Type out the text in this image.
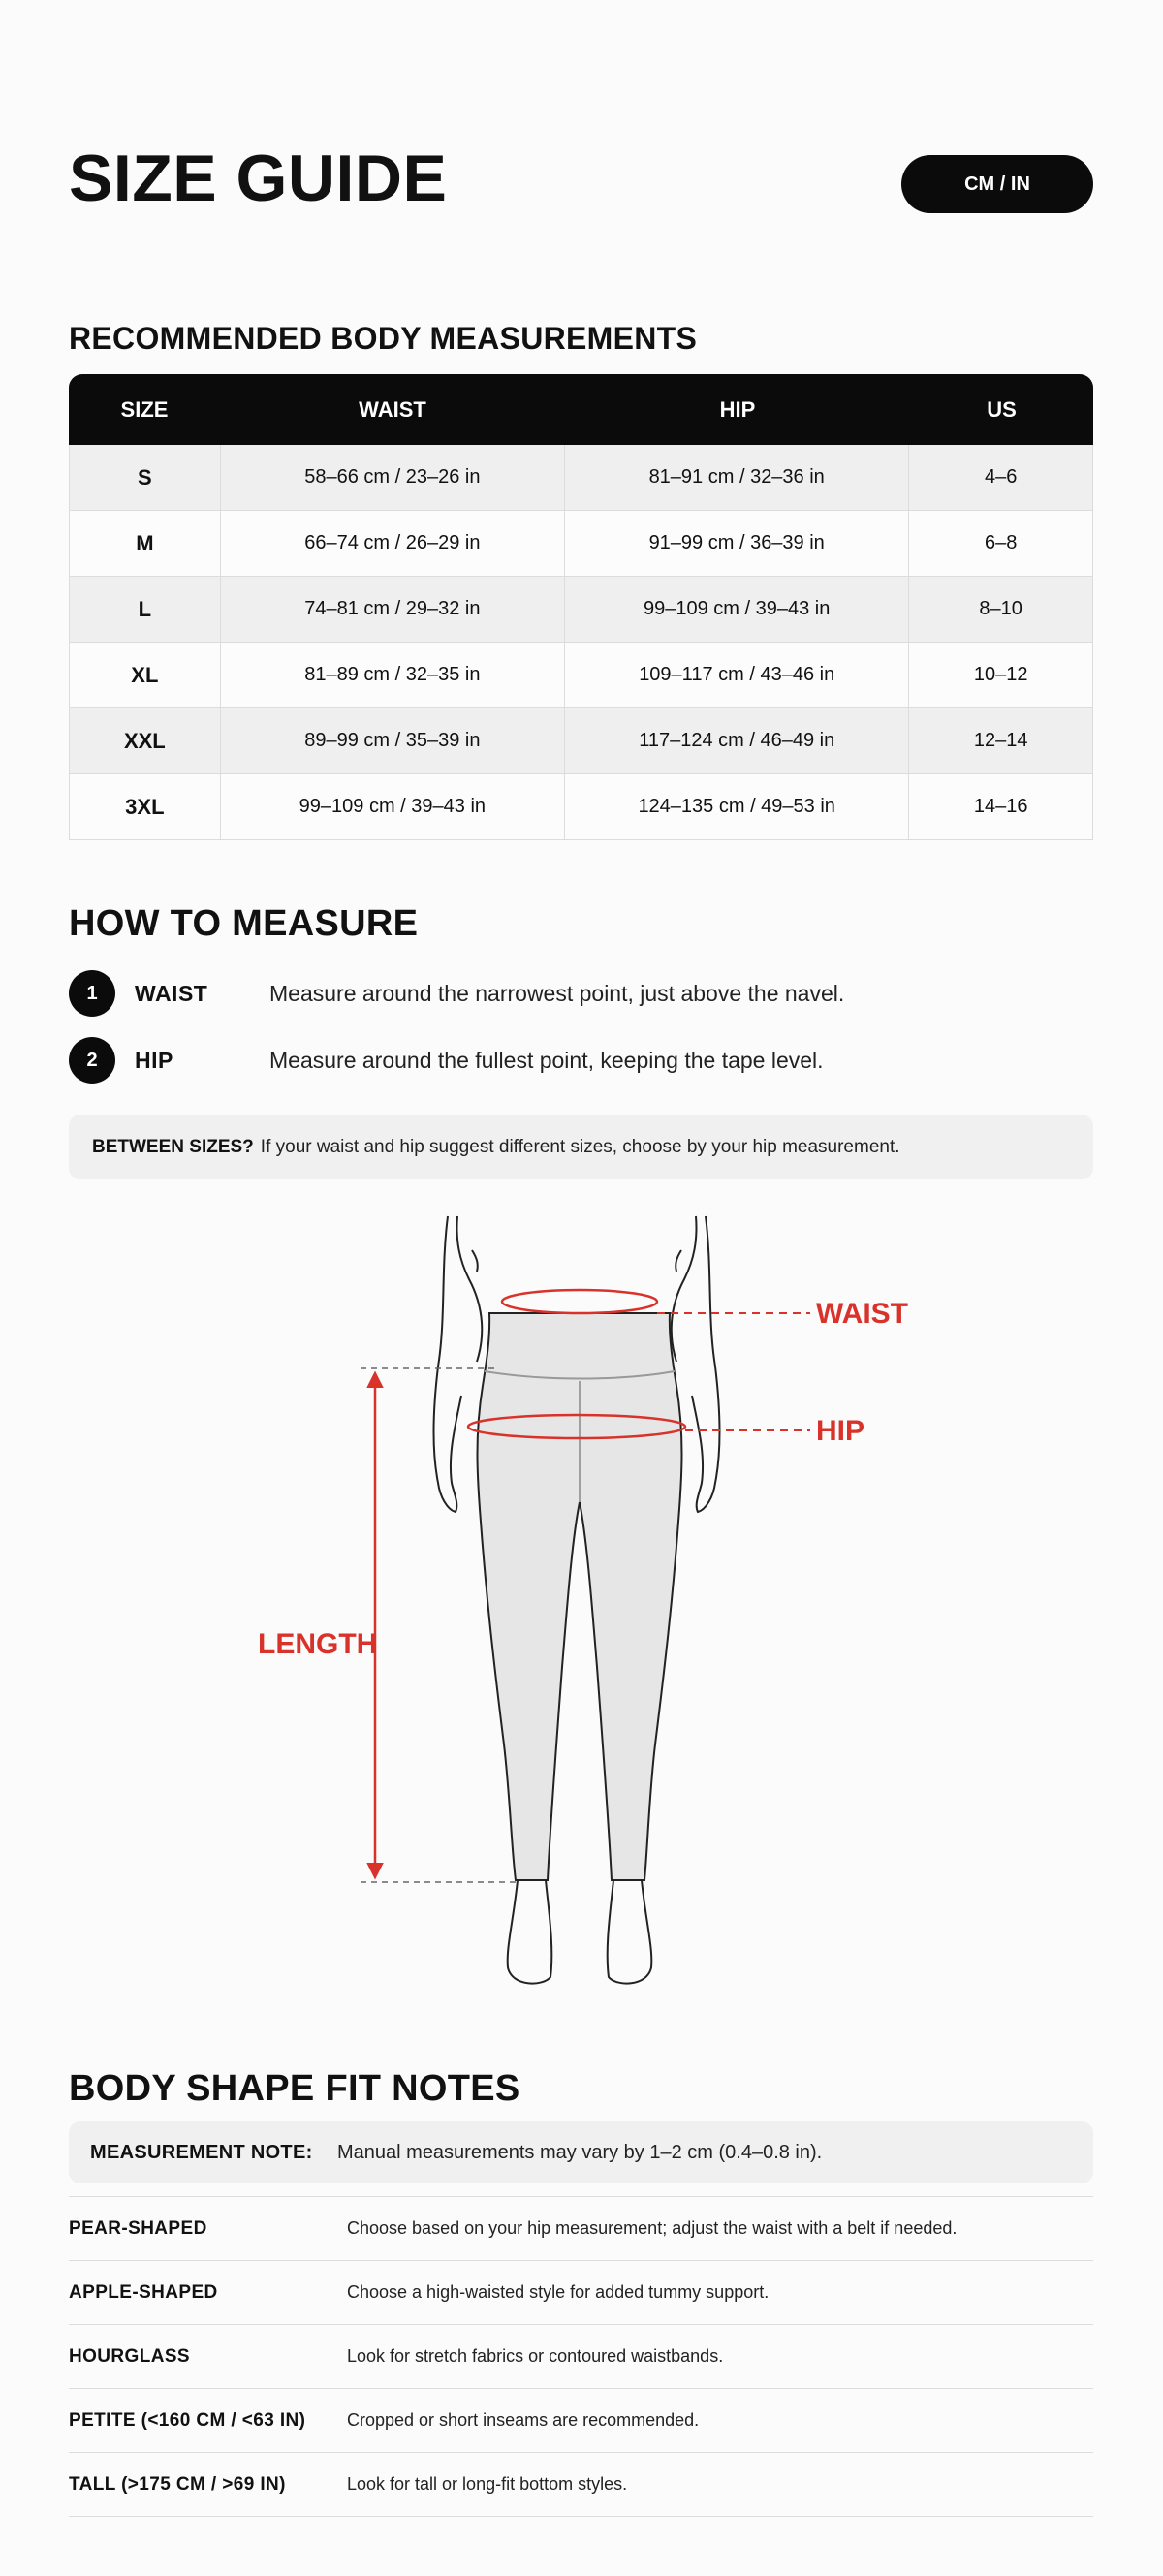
SIZE GUIDE	CM / IN
RECOMMENDED BODY MEASUREMENTS
SIZE	WAIST	HIP	US
S	58–66 cm / 23–26 in	81–91 cm / 32–36 in	4–6
M	66–74 cm / 26–29 in	91–99 cm / 36–39 in	6–8
L	74–81 cm / 29–32 in	99–109 cm / 39–43 in	8–10
XL	81–89 cm / 32–35 in	109–117 cm / 43–46 in	10–12
XXL	89–99 cm / 35–39 in	117–124 cm / 46–49 in	12–14
3XL	99–109 cm / 39–43 in	124–135 cm / 49–53 in	14–16
HOW TO MEASURE
1	WAIST	Measure around the narrowest point, just above the navel.
2	HIP	Measure around the fullest point, keeping the tape level.
BETWEEN SIZES? If your waist and hip suggest different sizes, choose by your hip measurement.
WAIST
HIP
LENGTH
BODY SHAPE FIT NOTES
MEASUREMENT NOTE: Manual measurements may vary by 1–2 cm (0.4–0.8 in).
PEAR-SHAPED	Choose based on your hip measurement; adjust the waist with a belt if needed.
APPLE-SHAPED	Choose a high-waisted style for added tummy support.
HOURGLASS	Look for stretch fabrics or contoured waistbands.
PETITE (<160 CM / <63 IN) Cropped or short inseams are recommended.
TALL (>175 CM / >69 IN)	Look for tall or long-fit bottom styles.
